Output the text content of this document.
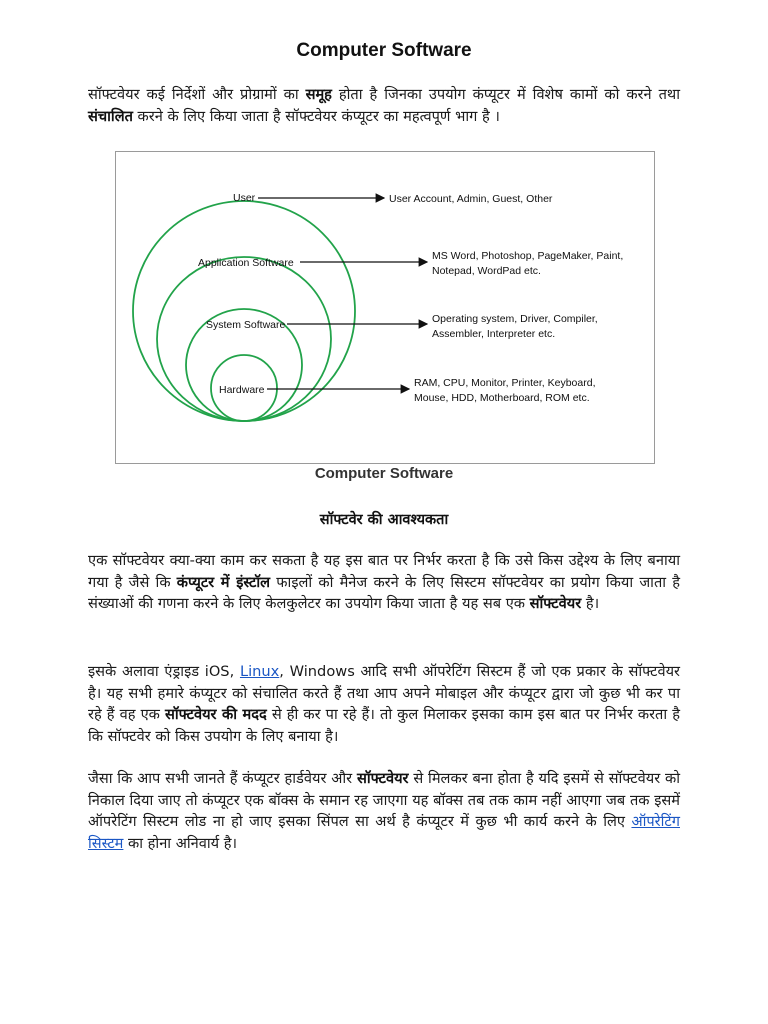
Computer Software

सॉफ्टवेयर कई निर्देशों और प्रोग्रामों का समूह होता है जिनका उपयोग कंप्यूटर में विशेष कामों को करने तथा संचालित करने के लिए किया जाता है सॉफ्टवेयर कंप्यूटर का महत्वपूर्ण भाग है ।

User
Application Software
System Software
Hardware
User Account, Admin, Guest, Other
MS Word, Photoshop, PageMaker, Paint,
Notepad, WordPad etc.
Operating system, Driver, Compiler,
Assembler, Interpreter etc.
RAM, CPU, Monitor, Printer, Keyboard,
Mouse, HDD, Motherboard, ROM etc.
Computer Software
सॉफ्टवेर की आवश्यकता

एक सॉफ्टवेयर क्या-क्या काम कर सकता है यह इस बात पर निर्भर करता है कि उसे किस उद्देश्य के लिए बनाया गया है जैसे कि कंप्यूटर में इंस्टॉल फाइलों को मैनेज करने के लिए सिस्टम सॉफ्टवेयर का प्रयोग किया जाता है संख्याओं की गणना करने के लिए केलकुलेटर का उपयोग किया जाता है यह सब एक सॉफ्टवेयर है।

इसके अलावा एंड्राइड iOS, Linux, Windows आदि सभी ऑपरेटिंग सिस्टम हैं जो एक प्रकार के सॉफ्टवेयर है। यह सभी हमारे कंप्यूटर को संचालित करते हैं तथा आप अपने मोबाइल और कंप्यूटर द्वारा जो कुछ भी कर पा रहे हैं वह एक सॉफ्टवेयर की मदद से ही कर पा रहे हैं। तो कुल मिलाकर इसका काम इस बात पर निर्भर करता है कि सॉफ्टवेर को किस उपयोग के लिए बनाया है।

जैसा कि आप सभी जानते हैं कंप्यूटर हार्डवेयर और सॉफ्टवेयर से मिलकर बना होता है यदि इसमें से सॉफ्टवेयर को निकाल दिया जाए तो कंप्यूटर एक बॉक्स के समान रह जाएगा यह बॉक्स तब तक काम नहीं आएगा जब तक इसमें ऑपरेटिंग सिस्टम लोड ना हो जाए इसका सिंपल सा अर्थ है कंप्यूटर में कुछ भी कार्य करने के लिए ऑपरेटिंग सिस्टम का होना अनिवार्य है।
